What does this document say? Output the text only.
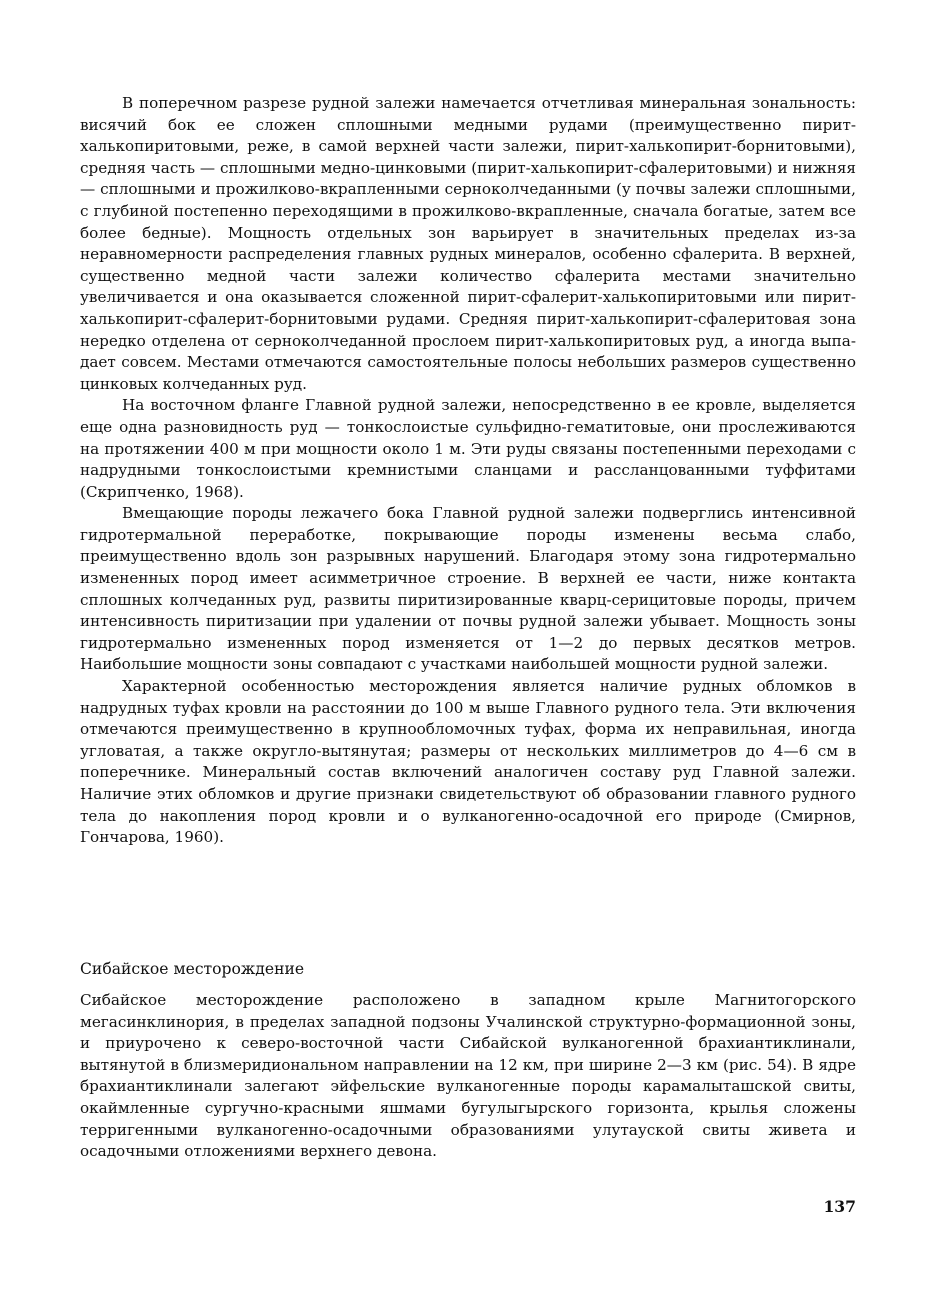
В поперечном разрезе рудной залежи намечается отчетливая минеральная зональность: висячий бок ее сложен сплошными медными рудами (преимущественно пирит-халькопиритовыми, реже, в самой верхней части залежи, пирит-халькопирит-борнитовыми), средняя часть — сплошными медно-цинковыми (пирит-халькопирит-сфалеритовыми) и нижняя — сплошными и прожилково-вкрапленными серноколчеданными (у почвы залежи сплошными, с глубиной постепенно переходящими в прожилково-вкрапленные, сначала богатые, затем все более бедные). Мощность отдельных зон варьирует в значительных пределах из-за неравномерности распределения главных рудных минералов, особенно сфалерита. В верхней, существенно медной части залежи количество сфалерита местами значительно увеличивается и она оказывается сложенной пирит-сфалерит-халькопиритовыми или пирит-халькопирит-сфалерит-борнитовыми рудами. Средняя пирит-халькопирит-сфалеритовая зона нередко отделена от серноколчеданной прослоем пирит-халькопиритовых руд, а иногда выпадает совсем. Местами отмечаются самостоятельные полосы небольших размеров существенно цинковых колчеданных руд.

На восточном фланге Главной рудной залежи, непосредственно в ее кровле, выделяется еще одна разновидность руд — тонкослоистые сульфидно-гематитовые, они прослеживаются на протяжении 400 м при мощности около 1 м. Эти руды связаны постепенными переходами с надрудными тонкослоистыми кремнистыми сланцами и рассланцованными туффитами (Скрипченко, 1968).

Вмещающие породы лежачего бока Главной рудной залежи подверглись интенсивной гидротермальной переработке, покрывающие породы изменены весьма слабо, преимущественно вдоль зон разрывных нарушений. Благодаря этому зона гидротермально измененных пород имеет асимметричное строение. В верхней ее части, ниже контакта сплошных колчеданных руд, развиты пиритизированные кварц-серицитовые породы, причем интенсивность пиритизации при удалении от почвы рудной залежи убывает. Мощность зоны гидротермально измененных пород изменяется от 1—2 до первых десятков метров. Наибольшие мощности зоны совпадают с участками наибольшей мощности рудной залежи.

Характерной особенностью месторождения является наличие рудных обломков в надрудных туфах кровли на расстоянии до 100 м выше Главного рудного тела. Эти включения отмечаются преимущественно в крупнообломочных туфах, форма их неправильная, иногда угловатая, а также округло-вытянутая; размеры от нескольких миллиметров до 4—6 см в поперечнике. Минеральный состав включений аналогичен составу руд Главной залежи. Наличие этих обломков и другие признаки свидетельствуют об образовании главного рудного тела до накопления пород кровли и о вулканогенно-осадочной его природе (Смирнов, Гончарова, 1960).

Сибайское месторождение

Сибайское месторождение расположено в западном крыле Магнитогорского мегасинклинория, в пределах западной подзоны Учалинской структурно-формационной зоны, и приурочено к северо-восточной части Сибайской вулканогенной брахиантиклинали, вытянутой в близмеридиональном направлении на 12 км, при ширине 2—3 км (рис. 54). В ядре брахиантиклинали залегают эйфельские вулканогенные породы карамалыташской свиты, окаймленные сургучно-красными яшмами бугулыгырского горизонта, крылья сложены терригенными вулканогенно-осадочными образованиями улутауской свиты живета и осадочными отложениями верхнего девона.

137
